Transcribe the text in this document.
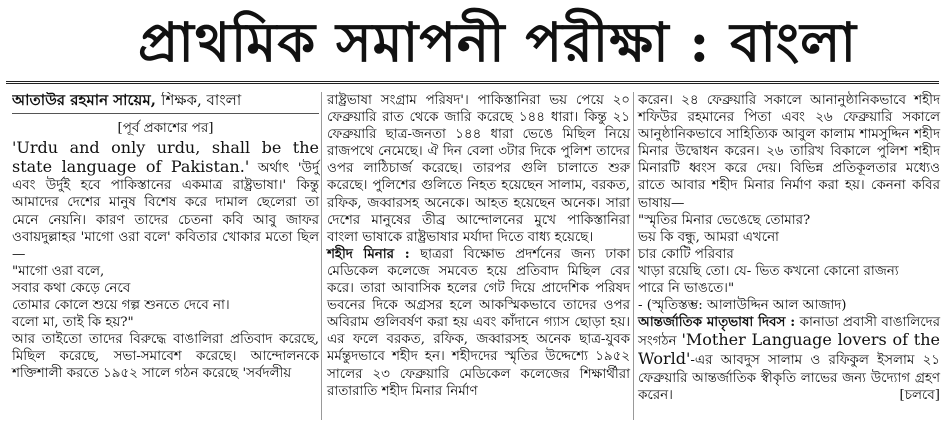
প্রাথমিক সমাপনী পরীক্ষা : বাংলা
আতাউর রহমান সায়েম, শিক্ষক, বাংলা
[পূর্ব প্রকাশের পর]

'Urdu and only urdu, shall be the state language of Pakistan.' অর্থাৎ 'উর্দু এবং উর্দুই হবে পাকিস্তানের একমাত্র রাষ্ট্রভাষা।' কিন্তু আমাদের দেশের মানুষ বিশেষ করে দামাল ছেলেরা তা মেনে নেয়নি। কারণ তাদের চেতনা কবি আবু জাফর ওবায়দুল্লাহর 'মাগো ওরা বলে' কবিতার খোকার মতো ছিল—

"মাগো ওরা বলে,
সবার কথা কেড়ে নেবে
তোমার কোলে শুয়ে গল্প শুনতে দেবে না।
বলো মা, তাই কি হয়?"

আর তাইতো তাদের বিরুদ্ধে বাঙালিরা প্রতিবাদ করেছে, মিছিল করেছে, সভা-সমাবেশ করেছে। আন্দোলনকে শক্তিশালী করতে ১৯৫২ সালে গঠন করেছে 'সর্বদলীয়

রাষ্ট্রভাষা সংগ্রাম পরিষদ'। পাকিস্তানিরা ভয় পেয়ে ২০ ফেব্রুয়ারি রাত থেকে জারি করেছে ১৪৪ ধারা। কিন্তু ২১ ফেব্রুয়ারি ছাত্র-জনতা ১৪৪ ধারা ভেঙে মিছিল নিয়ে রাজপথে নেমেছে। ঐ দিন বেলা ৩টার দিকে পুলিশ তাদের ওপর লাঠিচার্জ করেছে। তারপর গুলি চালাতে শুরু করেছে। পুলিশের গুলিতে নিহত হয়েছেন সালাম, বরকত, রফিক, জব্বারসহ অনেকে। আহত হয়েছেন অনেক। সারা দেশের মানুষের তীব্র আন্দোলনের মুখে পাকিস্তানিরা বাংলা ভাষাকে রাষ্ট্রভাষার মর্যাদা দিতে বাধ্য হয়েছে।

শহীদ মিনার : ছাত্ররা বিক্ষোভ প্রদর্শনের জন্য ঢাকা মেডিকেল কলেজে সমবেত হয়ে প্রতিবাদ মিছিল বের করে। তারা আবাসিক হলের গেট দিয়ে প্রাদেশিক পরিষদ ভবনের দিকে অগ্রসর হলে আকস্মিকভাবে তাদের ওপর অবিরাম গুলিবর্ষণ করা হয় এবং কাঁদানে গ্যাস ছোড়া হয়। এর ফলে বরকত, রফিক, জব্বারসহ অনেক ছাত্র-যুবক মর্মন্তুদভাবে শহীদ হন। শহীদদের স্মৃতির উদ্দেশ্যে ১৯৫২ সালের ২৩ ফেব্রুয়ারি মেডিকেল কলেজের শিক্ষার্থীরা রাতারাতি শহীদ মিনার নির্মাণ

করেন। ২৪ ফেব্রুয়ারি সকালে আনানুষ্ঠানিকভাবে শহীদ শফিউর রহমানের পিতা এবং ২৬ ফেব্রুয়ারি সকালে আনুষ্ঠানিকভাবে সাহিত্যিক আবুল কালাম শামসুদ্দিন শহীদ মিনার উদ্বোধন করেন। ২৬ তারিখ বিকালে পুলিশ শহীদ মিনারটি ধ্বংস করে দেয়। বিভিন্ন প্রতিকূলতার মধ্যেও রাতে আবার শহীদ মিনার নির্মাণ করা হয়। কেননা কবির ভাষায়—

"স্মৃতির মিনার ভেঙেছে তোমার?
ভয় কি বন্ধু, আমরা এখনো
চার কোটি পরিবার
খাড়া রয়েছি তো। যে- ভিত কখনো কোনো রাজন্য
পারে নি ভাঙতে।"
- (স্মৃতিস্তম্ভ: আলাউদ্দিন আল আজাদ)

আন্তর্জাতিক মাতৃভাষা দিবস : কানাডা প্রবাসী বাঙালিদের সংগঠন 'Mother Language lovers of the World'-এর আবদুস সালাম ও রফিকুল ইসলাম ২১ ফেব্রুয়ারি আন্তর্জাতিক স্বীকৃতি লাভের জন্য উদ্যোগ গ্রহণ করেন।	[চলবে]
